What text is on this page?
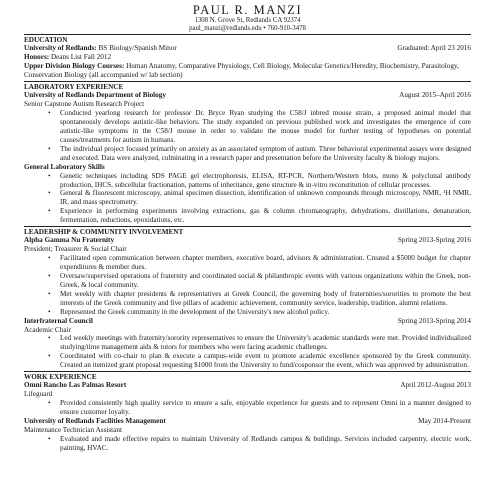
PAUL R. MANZI
1308 N. Grove St, Redlands CA 92374
paul_manzi@redlands.edu • 760-910-3478
EDUCATION
University of Redlands: BS Biology/Spanish Minor	Graduated: April 23 2016
Honors: Deans List Fall 2012
Upper Division Biology Courses: Human Anatomy, Comparative Physiology, Cell Biology, Molecular Genetics/Heredity, Biochemistry, Parasitology, Conservation Biology (all accompanied w/ lab section)
LABORATORY EXPERIENCE
University of Redlands Department of Biology	August 2015–April 2016
Senior Capstone Autism Research Project
• Conducted yearlong research for professor Dr. Bryce Ryan studying the C58/J inbred mouse strain, a proposed animal model that spontaneously develops autistic-like behaviors. The study expanded on previous published work and investigates the emergence of core autistic-like symptoms in the C58/J mouse in order to validate the mouse model for further testing of hypotheses on potential causes/treatments for autism in humans.
• The individual project focused primarily on anxiety as an associated symptom of autism. Three behavioral experimental assays were designed and executed. Data were analyzed, culminating in a research paper and presentation before the University faculty & biology majors.
General Laboratory Skills
• Genetic techniques including SDS PAGE gel electrophoresis, ELISA, RT-PCR, Northern/Western blots, mono & polyclonal antibody production, IHCS, subcellular fractionation, patterns of inheritance, gene structure & in-vitro reconstitution of cellular processes.
• General & fluorescent microscopy, animal specimen dissection, identification of unknown compounds through microscopy, NMR, ¹H NMR, IR, and mass spectrometry.
• Experience in performing experiments involving extractions, gas & column chromatography, dehydrations, distillations, denaturation, fermentation, reductions, epoxidations, etc.
LEADERSHIP & COMMUNITY INVOLVEMENT
Alpha Gamma Nu Fraternity	Spring 2013-Spring 2016
President; Treasurer & Social Chair
• Facilitated open communication between chapter members, executive board, advisors & administration. Created a $5000 budget for chapter expenditures & member dues.
• Oversaw/supervised operations of fraternity and coordinated social & philanthropic events with various organizations within the Greek, non-Greek, & local community.
• Met weekly with chapter presidents & representatives at Greek Council, the governing body of fraternities/sororities to promote the best interests of the Greek community and five pillars of academic achievement, community service, leadership, tradition, alumni relations.
• Represented the Greek community in the development of the University's new alcohol policy.
Interfraternal Council	Spring 2013-Spring 2014
Academic Chair
• Led weekly meetings with fraternity/sorority representatives to ensure the University's academic standards were met. Provided individualized studying/time management aids & tutors for members who were facing academic challenges.
• Coordinated with co-chair to plan & execute a campus-wide event to promote academic excellence sponsored by the Greek community. Created an itemized grant proposal requesting $1000 from the University to fund/cosponsor the event, which was approved by administration.
WORK EXPERIENCE
Omni Rancho Las Palmas Resort	April 2012-August 2013
Lifeguard
• Provided consistently high quality service to ensure a safe, enjoyable experience for guests and to represent Omni in a manner designed to ensure customer loyalty.
University of Redlands Facilities Management	May 2014-Present
Maintenance Technician Assistant
• Evaluated and made effective repairs to maintain University of Redlands campus & buildings. Services included carpentry, electric work, painting, HVAC.
